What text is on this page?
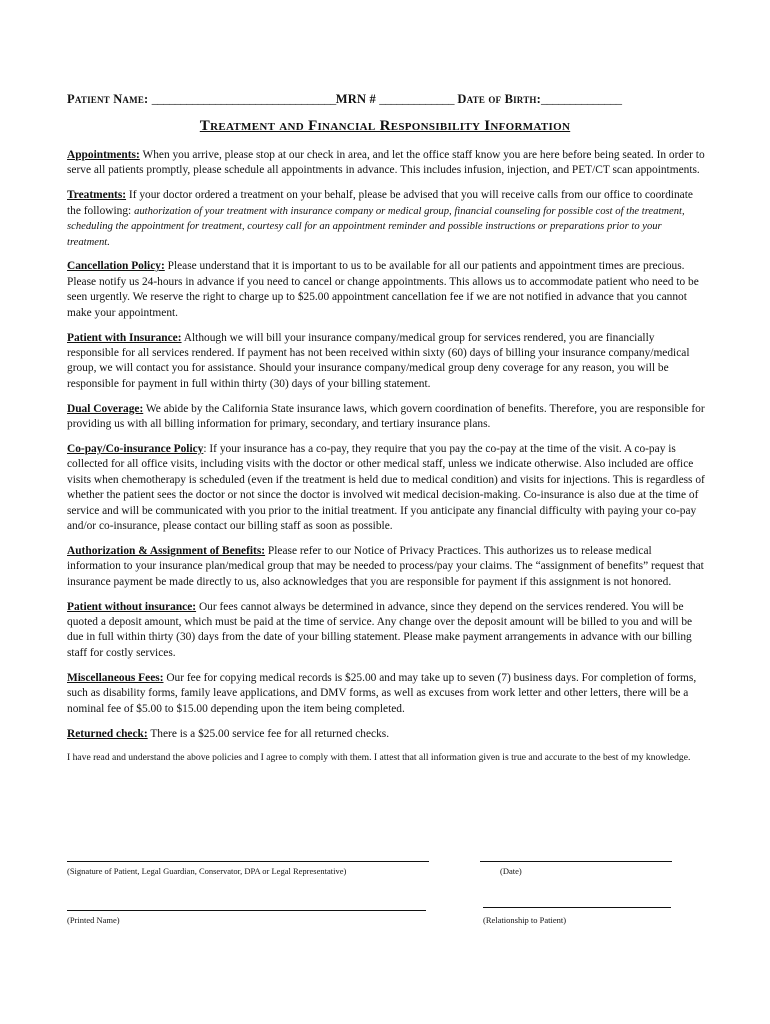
Patient Name: ________________________________MRN # _____________ Date of Birth:______________
Treatment and Financial Responsibility Information

Appointments: When you arrive, please stop at our check in area, and let the office staff know you are here before being seated. In order to serve all patients promptly, please schedule all appointments in advance. This includes infusion, injection, and PET/CT scan appointments.

Treatments: If your doctor ordered a treatment on your behalf, please be advised that you will receive calls from our office to coordinate the following: authorization of your treatment with insurance company or medical group, financial counseling for possible cost of the treatment, scheduling the appointment for treatment, courtesy call for an appointment reminder and possible instructions or preparations prior to your treatment.

Cancellation Policy: Please understand that it is important to us to be available for all our patients and appointment times are precious. Please notify us 24-hours in advance if you need to cancel or change appointments. This allows us to accommodate patient who need to be seen urgently. We reserve the right to charge up to $25.00 appointment cancellation fee if we are not notified in advance that you cannot make your appointment.

Patient with Insurance: Although we will bill your insurance company/medical group for services rendered, you are financially responsible for all services rendered. If payment has not been received within sixty (60) days of billing your insurance company/medical group, we will contact you for assistance. Should your insurance company/medical group deny coverage for any reason, you will be responsible for payment in full within thirty (30) days of your billing statement.

Dual Coverage: We abide by the California State insurance laws, which govern coordination of benefits. Therefore, you are responsible for providing us with all billing information for primary, secondary, and tertiary insurance plans.

Co-pay/Co-insurance Policy: If your insurance has a co-pay, they require that you pay the co-pay at the time of the visit. A co-pay is collected for all office visits, including visits with the doctor or other medical staff, unless we indicate otherwise. Also included are office visits when chemotherapy is scheduled (even if the treatment is held due to medical condition) and visits for injections. This is regardless of whether the patient sees the doctor or not since the doctor is involved wit medical decision-making. Co-insurance is also due at the time of service and will be communicated with you prior to the initial treatment. If you anticipate any financial difficulty with paying your co-pay and/or co-insurance, please contact our billing staff as soon as possible.

Authorization & Assignment of Benefits: Please refer to our Notice of Privacy Practices. This authorizes us to release medical information to your insurance plan/medical group that may be needed to process/pay your claims. The “assignment of benefits” request that insurance payment be made directly to us, also acknowledges that you are responsible for payment if this assignment is not honored.

Patient without insurance: Our fees cannot always be determined in advance, since they depend on the services rendered. You will be quoted a deposit amount, which must be paid at the time of service. Any change over the deposit amount will be billed to you and will be due in full within thirty (30) days from the date of your billing statement. Please make payment arrangements in advance with our billing staff for costly services.

Miscellaneous Fees: Our fee for copying medical records is $25.00 and may take up to seven (7) business days. For completion of forms, such as disability forms, family leave applications, and DMV forms, as well as excuses from work letter and other letters, there will be a nominal fee of $5.00 to $15.00 depending upon the item being completed.

Returned check: There is a $25.00 service fee for all returned checks.

I have read and understand the above policies and I agree to comply with them. I attest that all information given is true and accurate to the best of my knowledge.

(Signature of Patient, Legal Guardian, Conservator, DPA or Legal Representative)	(Date)
(Printed Name)	(Relationship to Patient)
